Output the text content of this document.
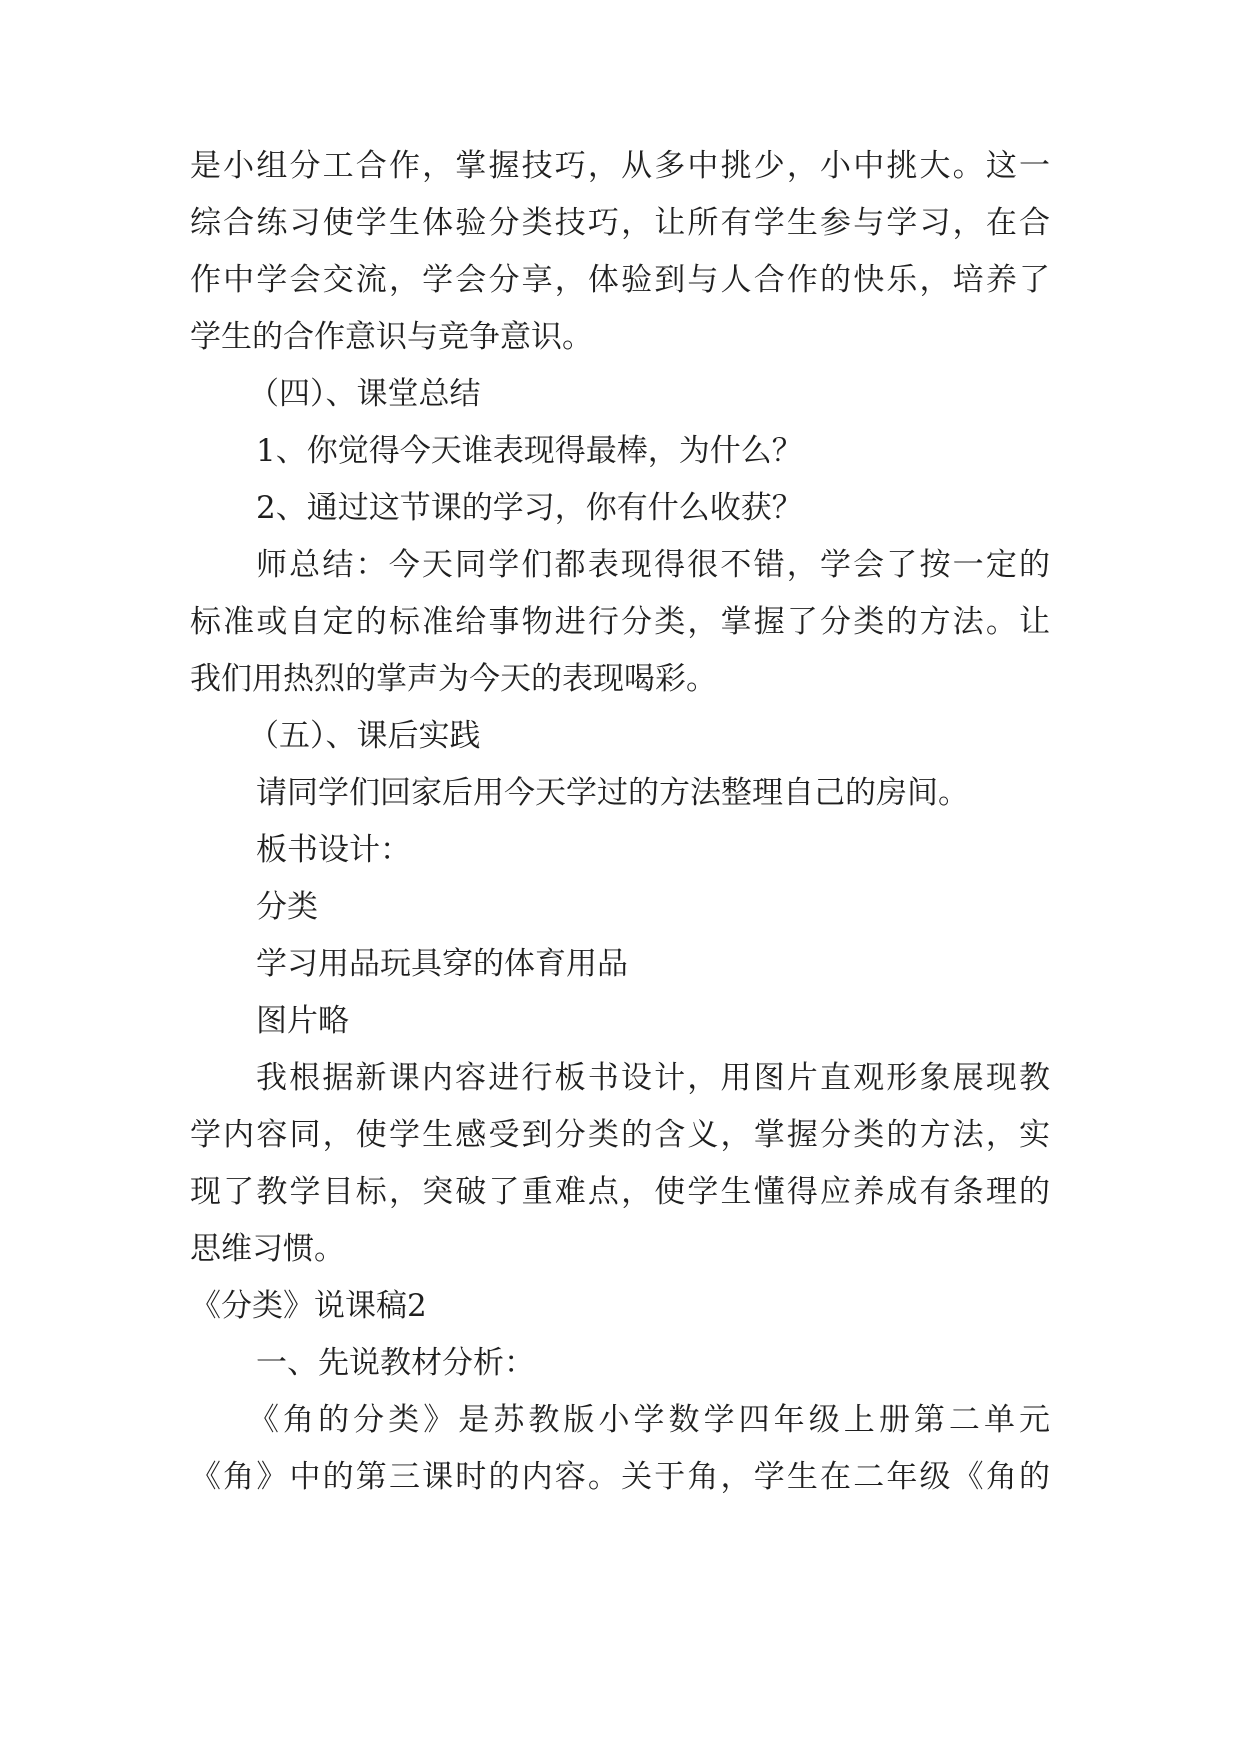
是小组分工合作，掌握技巧，从多中挑少，小中挑大。这一
综合练习使学生体验分类技巧，让所有学生参与学习，在合
作中学会交流，学会分享，体验到与人合作的快乐，培养了
学生的合作意识与竞争意识。
（四）、课堂总结
1、你觉得今天谁表现得最棒，为什么？
2、通过这节课的学习，你有什么收获？
师总结：今天同学们都表现得很不错，学会了按一定的
标准或自定的标准给事物进行分类，掌握了分类的方法。让
我们用热烈的掌声为今天的表现喝彩。
（五）、课后实践
请同学们回家后用今天学过的方法整理自己的房间。
板书设计：
分类
学习用品玩具穿的体育用品
图片略
我根据新课内容进行板书设计，用图片直观形象展现教
学内容同，使学生感受到分类的含义，掌握分类的方法，实
现了教学目标，突破了重难点，使学生懂得应养成有条理的
思维习惯。
《分类》说课稿2
一、先说教材分析：
《角的分类》是苏教版小学数学四年级上册第二单元
《角》中的第三课时的内容。关于角，学生在二年级《角的
